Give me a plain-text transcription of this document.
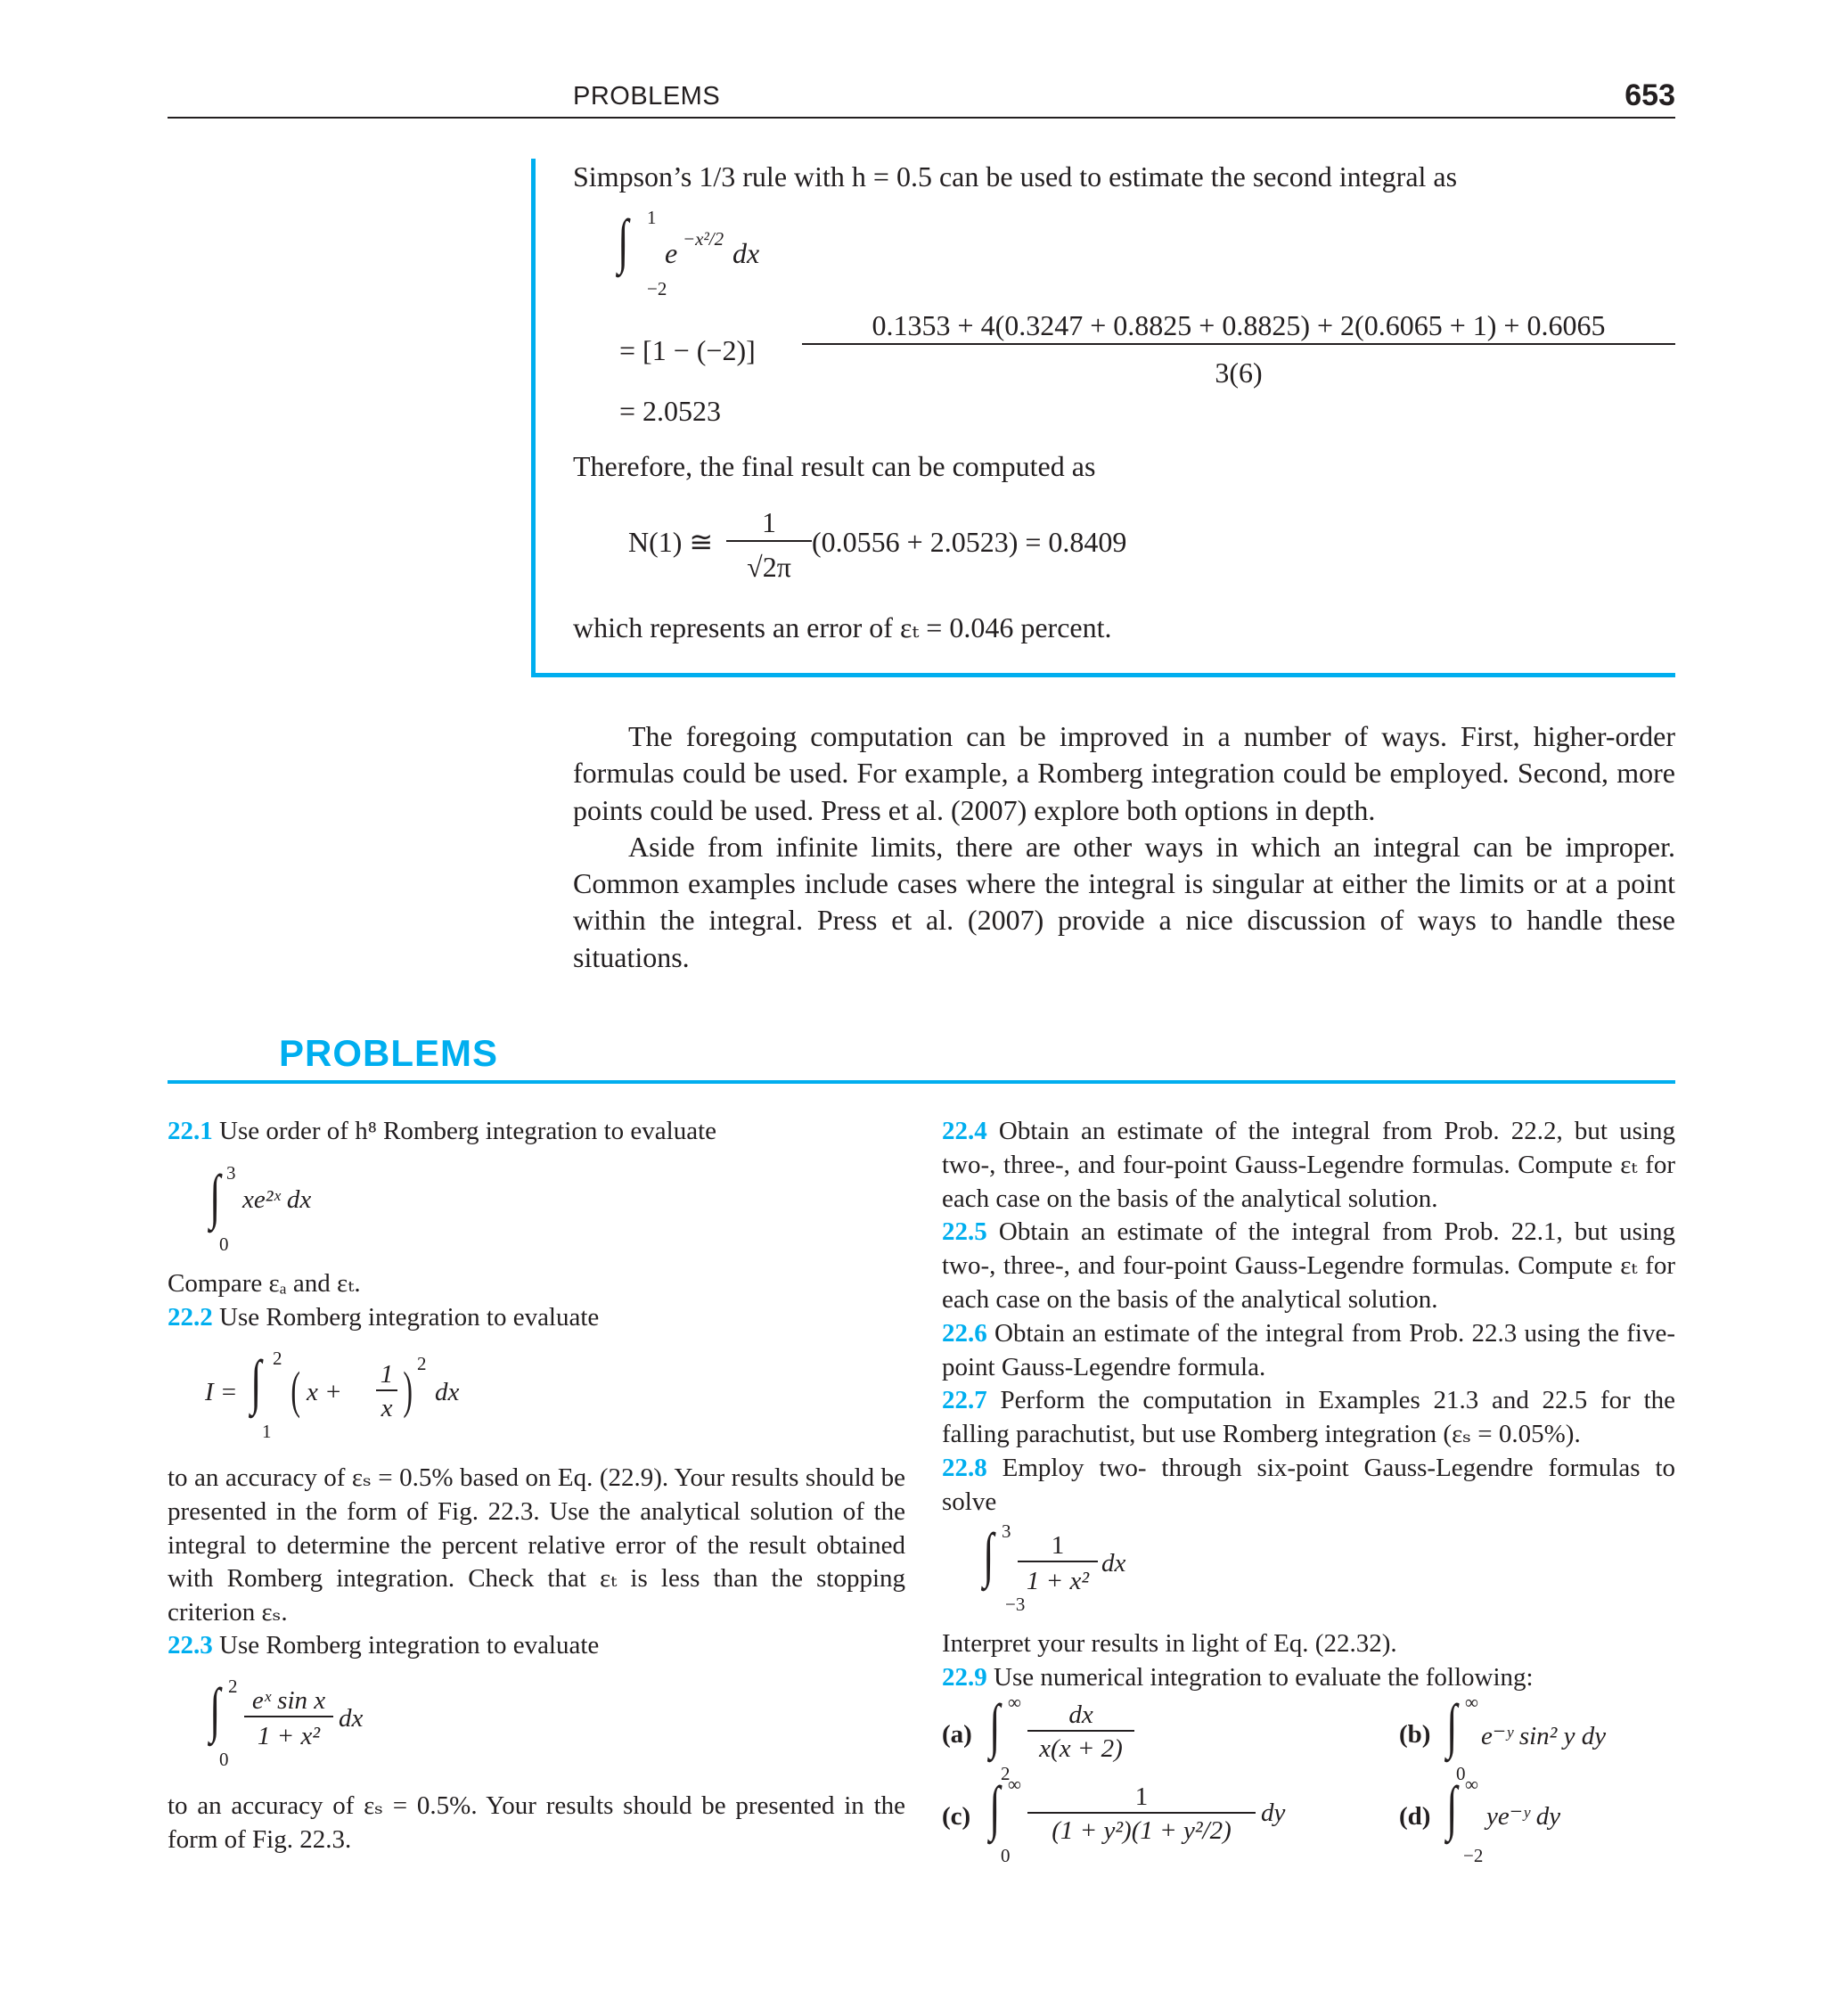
PROBLEMS	653
Simpson’s 1/3 rule with h = 0.5 can be used to estimate the second integral as
∫ 1
−2
e −x²/2 dx
= [1 − (−2)]
0.1353 + 4(0.3247 + 0.8825 + 0.8825) + 2(0.6065 + 1) + 0.6065
3(6)
= 2.0523
Therefore, the final result can be computed as
N(1) ≅
1
√2π
(0.0556 + 2.0523) = 0.8409
which represents an error of εₜ = 0.046 percent.

The foregoing computation can be improved in a number of ways. First, higher-order formulas could be used. For example, a Romberg integration could be employed. Second, more points could be used. Press et al. (2007) explore both options in depth.

Aside from infinite limits, there are other ways in which an integral can be improper. Common examples include cases where the integral is singular at either the limits or at a point within the integral. Press et al. (2007) provide a nice discussion of ways to handle these situations.

PROBLEMS
22.1 Use order of h⁸ Romberg integration to evaluate
∫ 3
0
xe²ˣ dx
Compare εₐ and εₜ.
22.2 Use Romberg integration to evaluate
I = ∫ 2
1
( x +
1
x ) 2
dx
to an accuracy of εₛ = 0.5% based on Eq. (22.9). Your results should be presented in the form of Fig. 22.3. Use the analytical solution of the integral to determine the percent relative error of the result obtained with Romberg integration. Check that εₜ is less than the stopping criterion εₛ.
22.3 Use Romberg integration to evaluate
∫ 2
0
eˣ sin x
1 + x²
dx
to an accuracy of εₛ = 0.5%. Your results should be presented in the form of Fig. 22.3.
22.4 Obtain an estimate of the integral from Prob. 22.2, but using two-, three-, and four-point Gauss-Legendre formulas. Compute εₜ for each case on the basis of the analytical solution.
22.5 Obtain an estimate of the integral from Prob. 22.1, but using two-, three-, and four-point Gauss-Legendre formulas. Compute εₜ for each case on the basis of the analytical solution.
22.6 Obtain an estimate of the integral from Prob. 22.3 using the five-point Gauss-Legendre formula.
22.7 Perform the computation in Examples 21.3 and 22.5 for the falling parachutist, but use Romberg integration (εₛ = 0.05%).
22.8 Employ two- through six-point Gauss-Legendre formulas to solve
∫ 3
−3
1
1 + x²
dx
Interpret your results in light of Eq. (22.32).
22.9 Use numerical integration to evaluate the following:
(a) ∫ ∞
2
dx
x(x + 2)	(b) ∫ ∞
0
e⁻ʸ sin² y dy
(c) ∫ ∞
0
1
(1 + y²)(1 + y²/2)
dy	(d) ∫ ∞
−2
ye⁻ʸ dy
